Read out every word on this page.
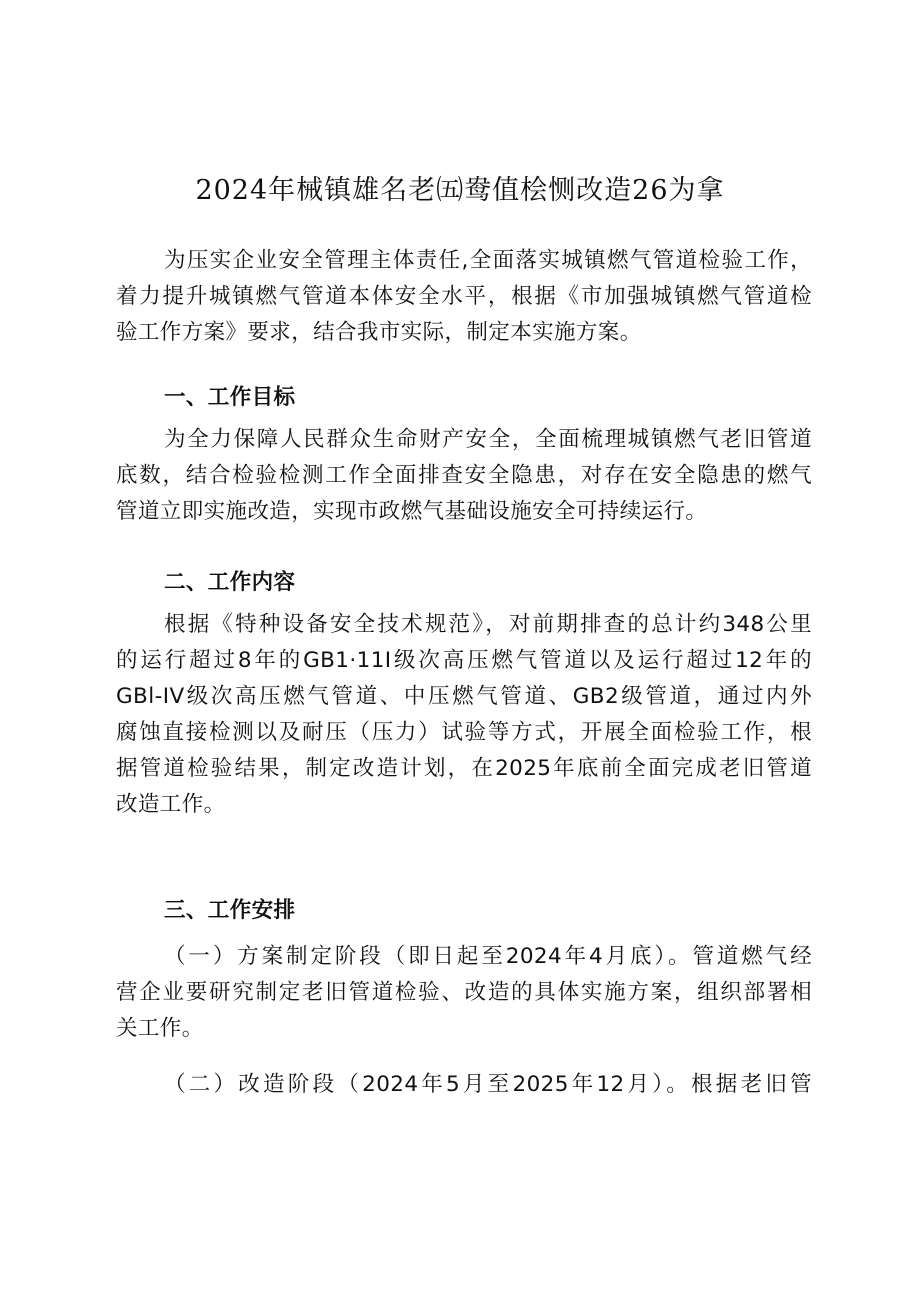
2024年械镇雄名老㈤鸯值桧恻改造26为拿
为压实企业安全管理主体责任,全面落实城镇燃气管道检验工作，
着力提升城镇燃气管道本体安全水平，根据《市加强城镇燃气管道检
验工作方案》要求，结合我市实际，制定本实施方案。
一、工作目标
为全力保障人民群众生命财产安全，全面梳理城镇燃气老旧管道
底数，结合检验检测工作全面排查安全隐患，对存在安全隐患的燃气
管道立即实施改造，实现市政燃气基础设施安全可持续运行。
二、工作内容
根据《特种设备安全技术规范》，对前期排查的总计约348公里
的运行超过8年的GB1·11I级次高压燃气管道以及运行超过12年的
GBl-IV级次高压燃气管道、中压燃气管道、GB2级管道，通过内外
腐蚀直接检测以及耐压（压力）试验等方式，开展全面检验工作，根
据管道检验结果，制定改造计划，在2025年底前全面完成老旧管道
改造工作。
三、工作安排
（一）方案制定阶段（即日起至2024年4月底）。管道燃气经
营企业要研究制定老旧管道检验、改造的具体实施方案，组织部署相
关工作。
（二）改造阶段（2024年5月至2025年12月）。根据老旧管
